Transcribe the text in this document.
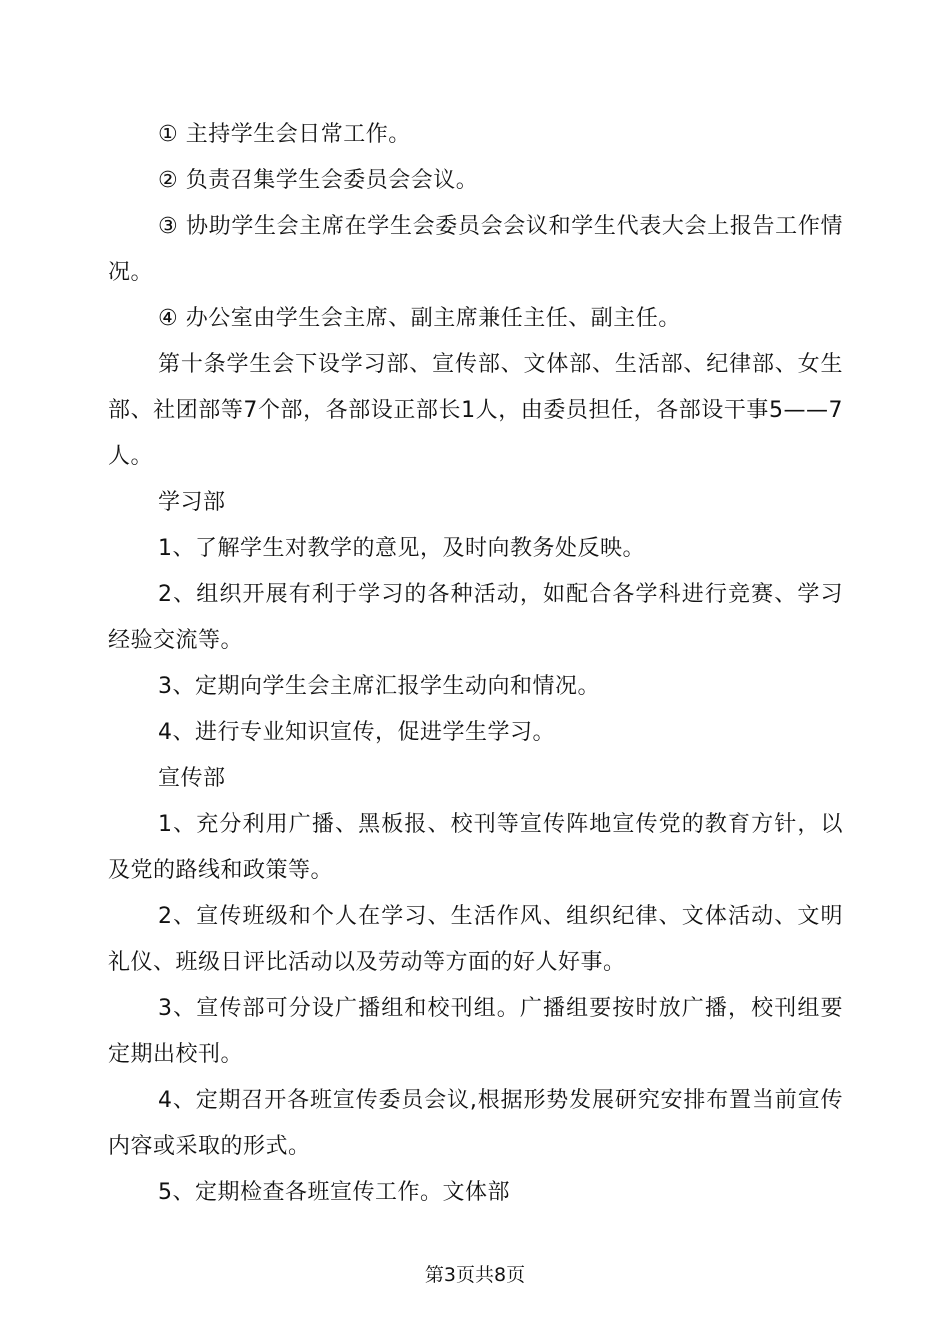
① 主持学生会日常工作。

② 负责召集学生会委员会会议。

③ 协助学生会主席在学生会委员会会议和学生代表大会上报告工作情况。

④ 办公室由学生会主席、副主席兼任主任、副主任。

第十条学生会下设学习部、宣传部、文体部、生活部、纪律部、女生部、社团部等7个部，各部设正部长1人，由委员担任，各部设干事5——7人。

学习部

1、了解学生对教学的意见，及时向教务处反映。

2、组织开展有利于学习的各种活动，如配合各学科进行竞赛、学习经验交流等。

3、定期向学生会主席汇报学生动向和情况。

4、进行专业知识宣传，促进学生学习。

宣传部

1、充分利用广播、黑板报、校刊等宣传阵地宣传党的教育方针，以及党的路线和政策等。

2、宣传班级和个人在学习、生活作风、组织纪律、文体活动、文明礼仪、班级日评比活动以及劳动等方面的好人好事。

3、宣传部可分设广播组和校刊组。广播组要按时放广播，校刊组要定期出校刊。

4、定期召开各班宣传委员会议,根据形势发展研究安排布置当前宣传内容或采取的形式。

5、定期检查各班宣传工作。文体部

第3页共8页
